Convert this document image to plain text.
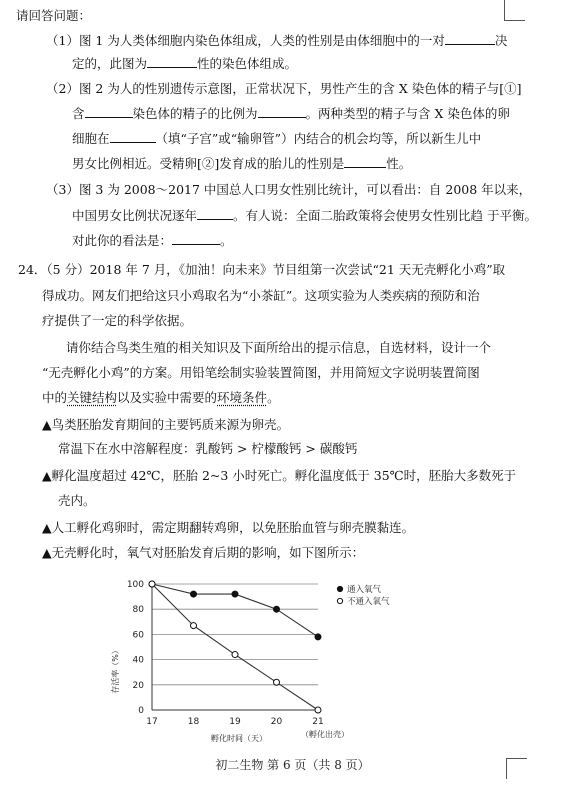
请回答问题：
（1）图 1 为人类体细胞内染色体组成，人类的性别是由体细胞中的一对	决
定的，此图为	性的染色体组成。
（2）图 2 为人的性别遗传示意图，正常状况下，男性产生的含 X 染色体的精子与[①]
含	染色体的精子的比例为	。两种类型的精子与含 X 染色体的卵
细胞在	（填“子宫”或“输卵管”）内结合的机会均等，所以新生儿中
男女比例相近。受精卵[②]发育成的胎儿的性别是	性。
（3）图 3 为 2008～2017 中国总人口男女性别比统计，可以看出：自 2008 年以来，
中国男女比例状况逐年	。有人说：全面二胎政策将会使男女性别比趋 于平衡。
对此你的看法是：	。
24．（5 分）2018 年 7 月，《加油！向未来》节目组第一次尝试“21 天无壳孵化小鸡”取
得成功。网友们把给这只小鸡取名为“小茶缸”。这项实验为人类疾病的预防和治
疗提供了一定的科学依据。
请你结合鸟类生殖的相关知识及下面所给出的提示信息，自选材料，设计一个
“无壳孵化小鸡”的方案。用铅笔绘制实验装置简图，并用简短文字说明装置简图
中的关键结构以及实验中需要的环境条件。
▲鸟类胚胎发育期间的主要钙质来源为卵壳。
常温下在水中溶解程度：乳酸钙 > 柠檬酸钙 > 碳酸钙
▲孵化温度超过 42℃，胚胎 2~3 小时死亡。孵化温度低于 35℃时，胚胎大多数死于
壳内。
▲人工孵化鸡卵时，需定期翻转鸡卵，以免胚胎血管与卵壳膜黏连。
▲无壳孵化时，氧气对胚胎发育后期的影响，如下图所示：
0
20
40
60
80
100
17	18	19	20	21
通入氧气
不通入氧气
存活率（%）
孵化时间（天）	（孵化出壳）
初二生物 第 6 页（共 8 页）
